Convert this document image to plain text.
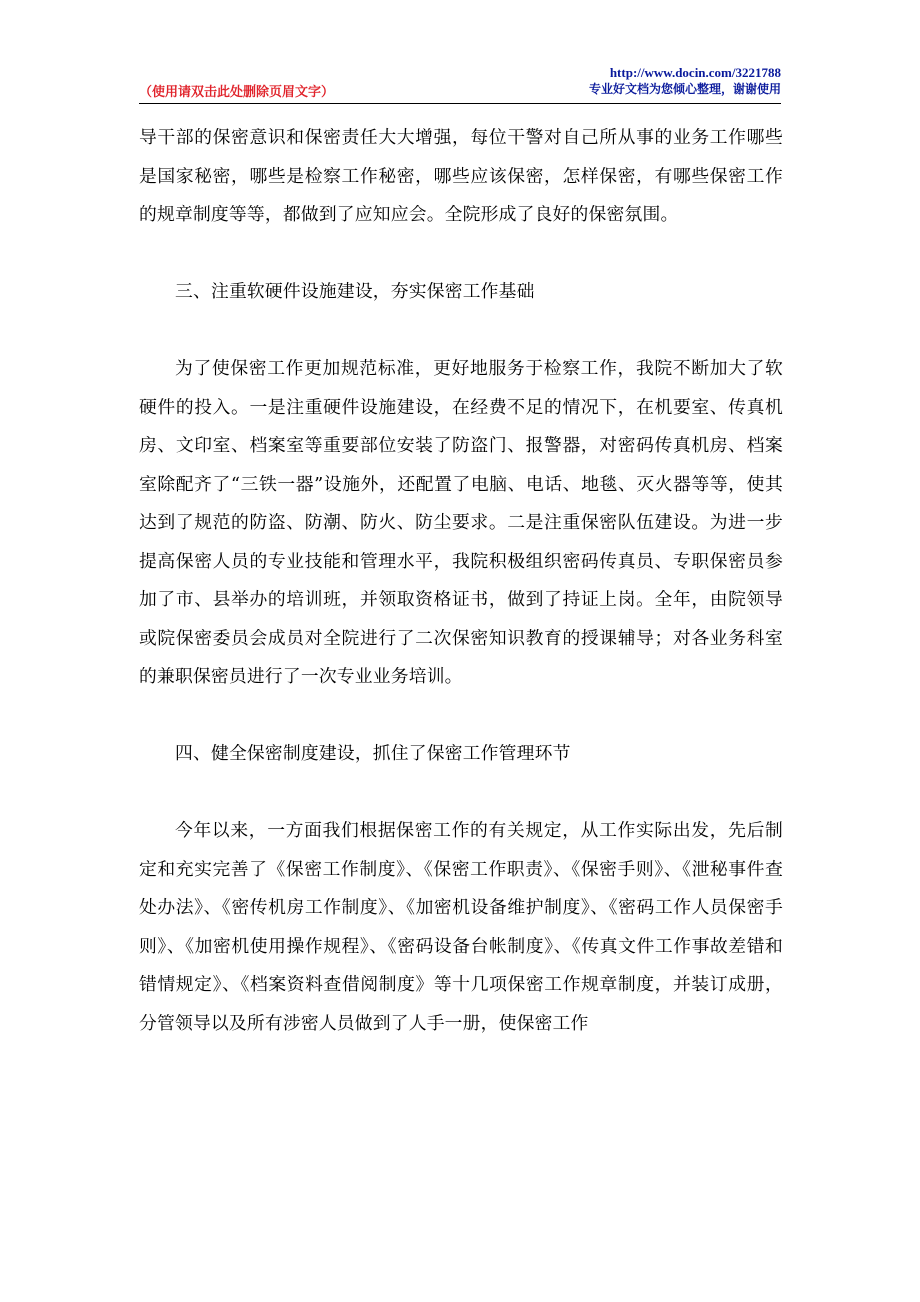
（使用请双击此处删除页眉文字）
http://www.docin.com/3221788
专业好文档为您倾心整理，谢谢使用

导干部的保密意识和保密责任大大增强，每位干警对自己所从事的业务工作哪些是国家秘密，哪些是检察工作秘密，哪些应该保密，怎样保密，有哪些保密工作的规章制度等等，都做到了应知应会。全院形成了良好的保密氛围。

三、注重软硬件设施建设，夯实保密工作基础

为了使保密工作更加规范标准，更好地服务于检察工作，我院不断加大了软硬件的投入。一是注重硬件设施建设，在经费不足的情况下，在机要室、传真机房、文印室、档案室等重要部位安装了防盗门、报警器，对密码传真机房、档案室除配齐了“三铁一器”设施外，还配置了电脑、电话、地毯、灭火器等等，使其达到了规范的防盗、防潮、防火、防尘要求。二是注重保密队伍建设。为进一步提高保密人员的专业技能和管理水平，我院积极组织密码传真员、专职保密员参加了市、县举办的培训班，并领取资格证书，做到了持证上岗。全年，由院领导或院保密委员会成员对全院进行了二次保密知识教育的授课辅导；对各业务科室的兼职保密员进行了一次专业业务培训。

四、健全保密制度建设，抓住了保密工作管理环节

今年以来，一方面我们根据保密工作的有关规定，从工作实际出发，先后制定和充实完善了《保密工作制度》、《保密工作职责》、《保密手则》、《泄秘事件查处办法》、《密传机房工作制度》、《加密机设备维护制度》、《密码工作人员保密手则》、《加密机使用操作规程》、《密码设备台帐制度》、《传真文件工作事故差错和错情规定》、《档案资料查借阅制度》等十几项保密工作规章制度，并装订成册，分管领导以及所有涉密人员做到了人手一册，使保密工作
